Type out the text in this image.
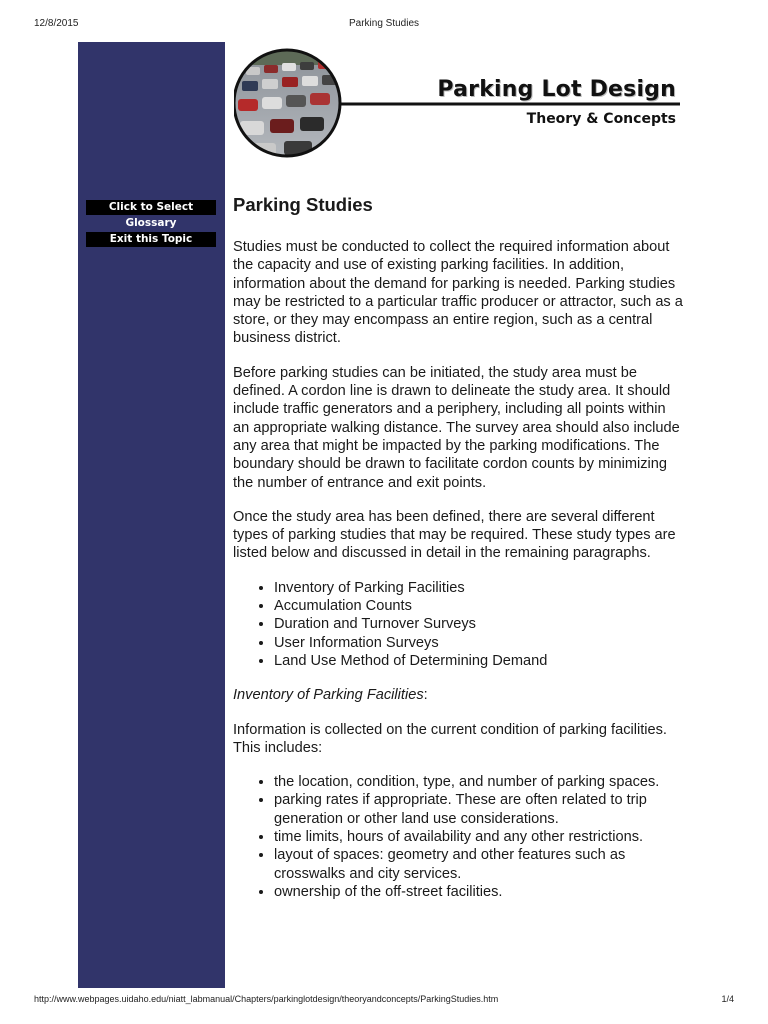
12/8/2015	Parking Studies
Click to Select
Glossary
Exit this Topic
Parking Lot Design
Theory & Concepts
Parking Studies

Studies must be conducted to collect the required information about the capacity and use of existing parking facilities. In addition, information about the demand for parking is needed. Parking studies may be restricted to a particular traffic producer or attractor, such as a store, or they may encompass an entire region, such as a central business district.

Before parking studies can be initiated, the study area must be defined. A cordon line is drawn to delineate the study area. It should include traffic generators and a periphery, including all points within an appropriate walking distance. The survey area should also include any area that might be impacted by the parking modifications. The boundary should be drawn to facilitate cordon counts by minimizing the number of entrance and exit points.

Once the study area has been defined, there are several different types of parking studies that may be required. These study types are listed below and discussed in detail in the remaining paragraphs.

• Inventory of Parking Facilities
• Accumulation Counts
• Duration and Turnover Surveys
• User Information Surveys
• Land Use Method of Determining Demand

Inventory of Parking Facilities:

Information is collected on the current condition of parking facilities. This includes:

• the location, condition, type, and number of parking spaces.
• parking rates if appropriate. These are often related to trip generation or other land use considerations.
• time limits, hours of availability and any other restrictions.
• layout of spaces: geometry and other features such as crosswalks and city services.
• ownership of the off-street facilities.
http://www.webpages.uidaho.edu/niatt_labmanual/Chapters/parkinglotdesign/theoryandconcepts/ParkingStudies.htm	1/4
